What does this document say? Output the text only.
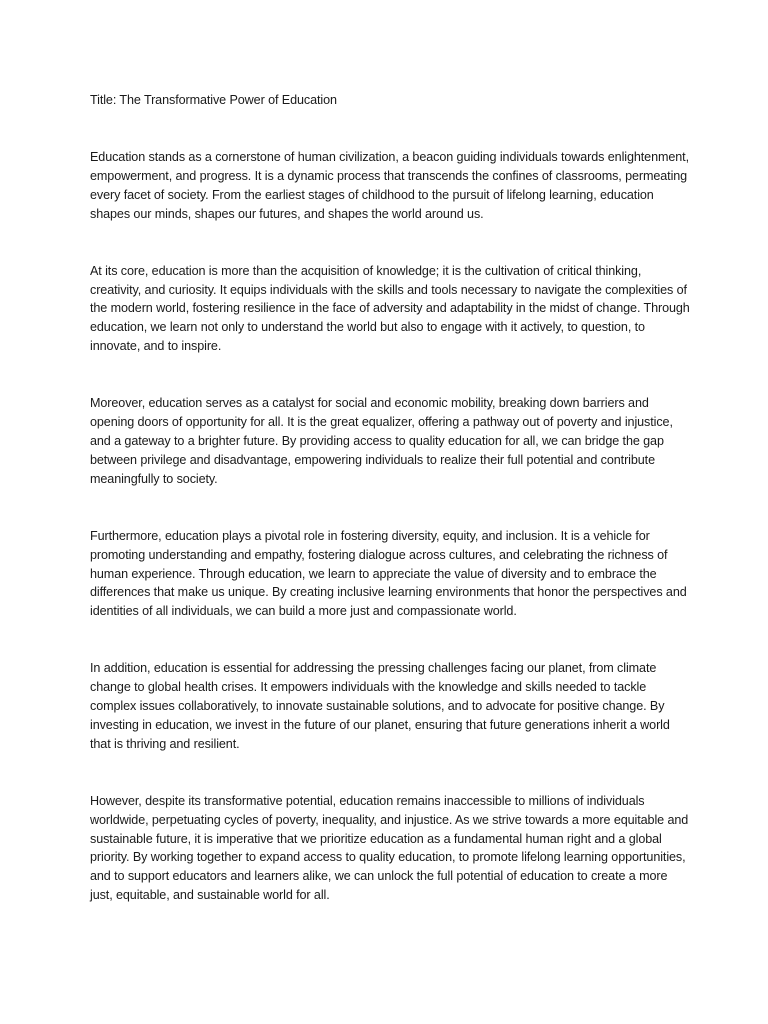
Title: The Transformative Power of Education

Education stands as a cornerstone of human civilization, a beacon guiding individuals towards enlightenment, empowerment, and progress. It is a dynamic process that transcends the confines of classrooms, permeating every facet of society. From the earliest stages of childhood to the pursuit of lifelong learning, education shapes our minds, shapes our futures, and shapes the world around us.

At its core, education is more than the acquisition of knowledge; it is the cultivation of critical thinking, creativity, and curiosity. It equips individuals with the skills and tools necessary to navigate the complexities of the modern world, fostering resilience in the face of adversity and adaptability in the midst of change. Through education, we learn not only to understand the world but also to engage with it actively, to question, to innovate, and to inspire.

Moreover, education serves as a catalyst for social and economic mobility, breaking down barriers and opening doors of opportunity for all. It is the great equalizer, offering a pathway out of poverty and injustice, and a gateway to a brighter future. By providing access to quality education for all, we can bridge the gap between privilege and disadvantage, empowering individuals to realize their full potential and contribute meaningfully to society.

Furthermore, education plays a pivotal role in fostering diversity, equity, and inclusion. It is a vehicle for promoting understanding and empathy, fostering dialogue across cultures, and celebrating the richness of human experience. Through education, we learn to appreciate the value of diversity and to embrace the differences that make us unique. By creating inclusive learning environments that honor the perspectives and identities of all individuals, we can build a more just and compassionate world.

In addition, education is essential for addressing the pressing challenges facing our planet, from climate change to global health crises. It empowers individuals with the knowledge and skills needed to tackle complex issues collaboratively, to innovate sustainable solutions, and to advocate for positive change. By investing in education, we invest in the future of our planet, ensuring that future generations inherit a world that is thriving and resilient.

However, despite its transformative potential, education remains inaccessible to millions of individuals worldwide, perpetuating cycles of poverty, inequality, and injustice. As we strive towards a more equitable and sustainable future, it is imperative that we prioritize education as a fundamental human right and a global priority. By working together to expand access to quality education, to promote lifelong learning opportunities, and to support educators and learners alike, we can unlock the full potential of education to create a more just, equitable, and sustainable world for all.
